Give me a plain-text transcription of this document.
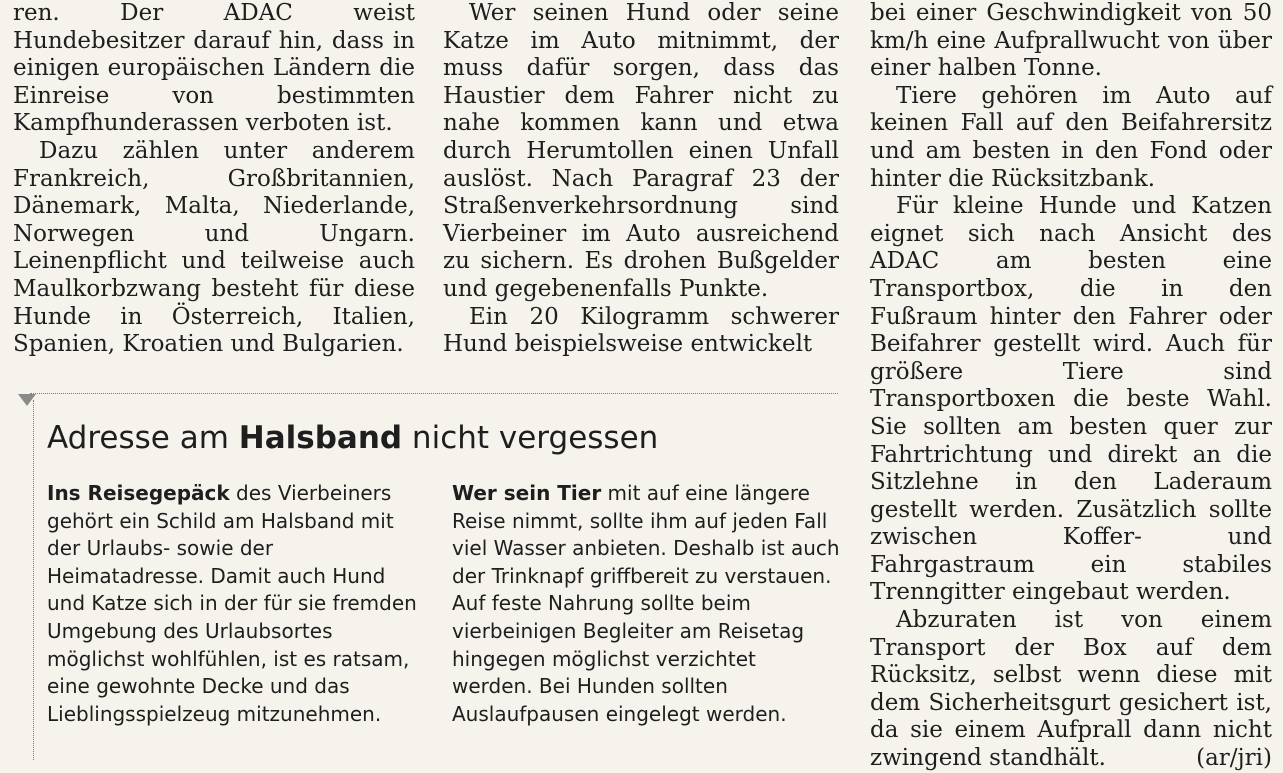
ren. Der ADAC weist Hundebesitzer darauf hin, dass in einigen europäischen Ländern die Einreise von bestimmten Kampfhunderassen verboten ist.

Dazu zählen unter anderem Frankreich, Großbritannien, Dänemark, Malta, Niederlande, Norwegen und Ungarn. Leinenpflicht und teilweise auch Maulkorbzwang besteht für diese Hunde in Österreich, Italien, Spanien, Kroatien und Bulgarien.

Wer seinen Hund oder seine Katze im Auto mitnimmt, der muss dafür sorgen, dass das Haustier dem Fahrer nicht zu nahe kommen kann und etwa durch Herumtollen einen Unfall auslöst. Nach Paragraf 23 der Straßenverkehrsordnung sind Vierbeiner im Auto ausreichend zu sichern. Es drohen Bußgelder und gegebenenfalls Punkte.

Ein 20 Kilogramm schwerer Hund beispielsweise entwickelt

bei einer Geschwindigkeit von 50 km/h eine Aufprallwucht von über einer halben Tonne.

Tiere gehören im Auto auf keinen Fall auf den Beifahrersitz und am besten in den Fond oder hinter die Rücksitzbank.

Für kleine Hunde und Katzen eignet sich nach Ansicht des ADAC am besten eine Transportbox, die in den Fußraum hinter den Fahrer oder Beifahrer gestellt wird. Auch für größere Tiere sind Transportboxen die beste Wahl. Sie sollten am besten quer zur Fahrtrichtung und direkt an die Sitzlehne in den Laderaum gestellt werden. Zusätzlich sollte zwischen Koffer- und Fahrgastraum ein stabiles Trenngitter eingebaut werden.

Abzuraten ist von einem Transport der Box auf dem Rücksitz, selbst wenn diese mit dem Sicherheitsgurt gesichert ist, da sie einem Aufprall dann nicht zwingend standhält.	(ar/jri)

Adresse am Halsband nicht vergessen
Ins Reisegepäck des Vierbeiners gehört ein Schild am Halsband mit der Urlaubs- sowie der Heimatadresse. Damit auch Hund und Katze sich in der für sie fremden Umgebung des Urlaubsortes möglichst wohlfühlen, ist es ratsam, eine gewohnte Decke und das Lieblingsspielzeug mitzunehmen.
Wer sein Tier mit auf eine längere Reise nimmt, sollte ihm auf jeden Fall viel Wasser anbieten. Deshalb ist auch der Trinknapf griffbereit zu verstauen.
Auf feste Nahrung sollte beim vierbeinigen Begleiter am Reisetag hingegen möglichst verzichtet werden. Bei Hunden sollten Auslaufpausen eingelegt werden.
